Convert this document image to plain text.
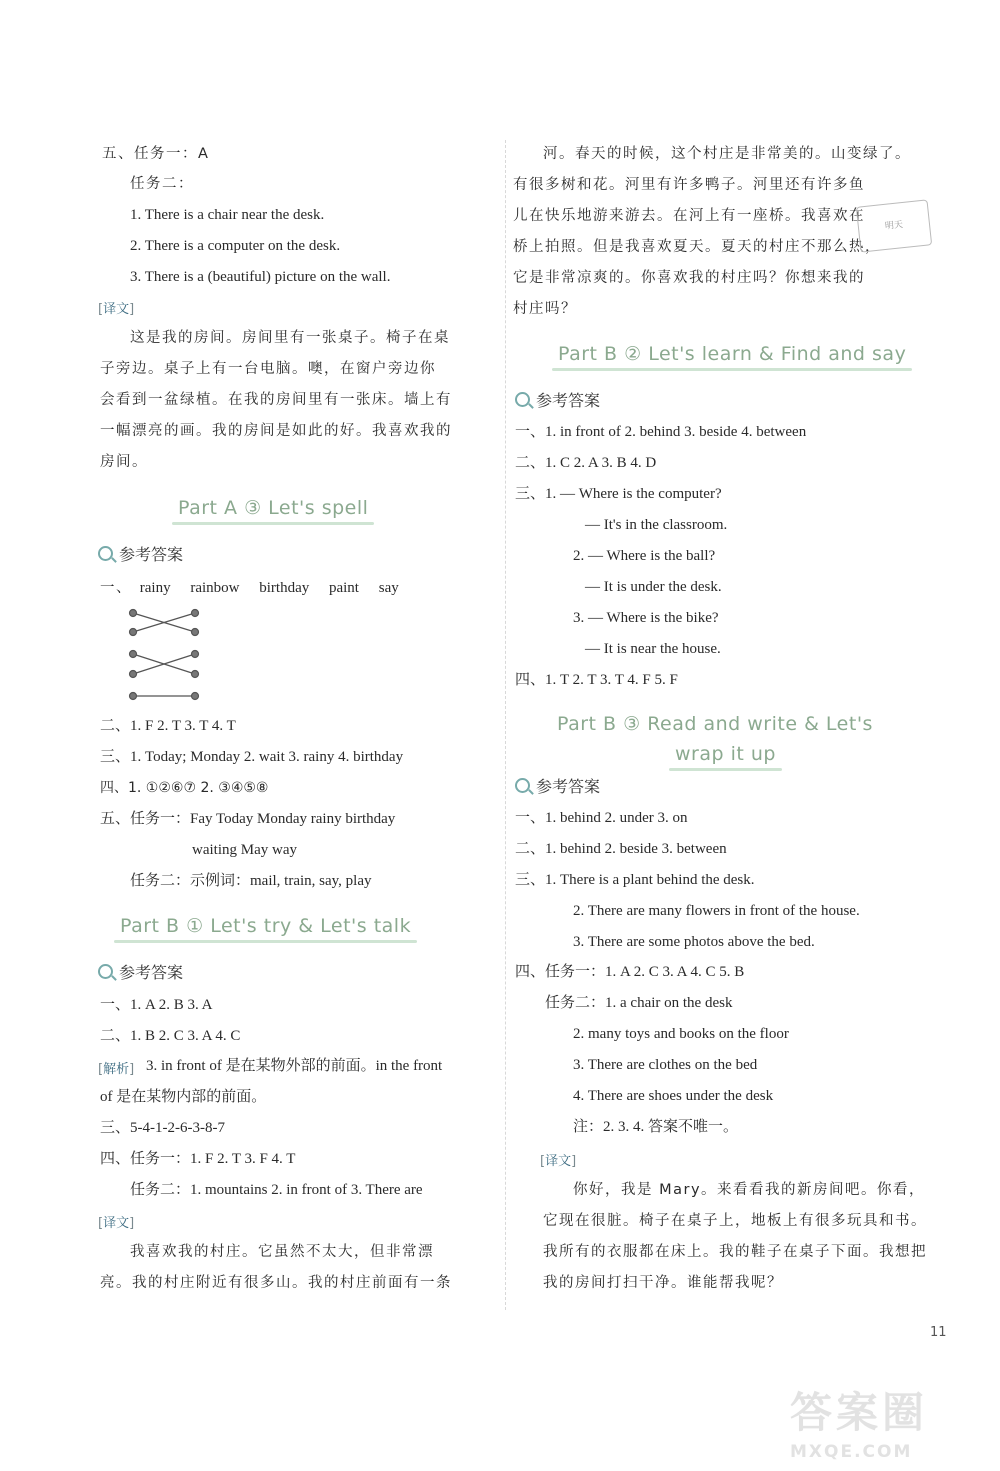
五、任务一：A
任务二：
1. There is a chair near the desk.
2. There is a computer on the desk.
3. There is a (beautiful) picture on the wall.
[译文]
这是我的房间。房间里有一张桌子。椅子在桌
子旁边。桌子上有一台电脑。噢，在窗户旁边你
会看到一盆绿植。在我的房间里有一张床。墙上有
一幅漂亮的画。我的房间是如此的好。我喜欢我的
房间。
Part A ③ Let's spell
参考答案
一、 rainy rainbow birthday paint say
二、1. F 2. T 3. T 4. T
三、1. Today; Monday 2. wait 3. rainy 4. birthday
四、1. ①②⑥⑦ 2. ③④⑤⑧
五、任务一：Fay Today Monday rainy birthday
waiting May way
任务二：示例词：mail, train, say, play
Part B ① Let's try & Let's talk
参考答案
一、1. A 2. B 3. A
二、1. B 2. C 3. A 4. C
[解析] 3. in front of 是在某物外部的前面。in the front
of 是在某物内部的前面。
三、5-4-1-2-6-3-8-7
四、任务一：1. F 2. T 3. F 4. T
任务二：1. mountains 2. in front of 3. There are
[译文]
我喜欢我的村庄。它虽然不太大，但非常漂
亮。我的村庄附近有很多山。我的村庄前面有一条
河。春天的时候，这个村庄是非常美的。山变绿了。
有很多树和花。河里有许多鸭子。河里还有许多鱼
儿在快乐地游来游去。在河上有一座桥。我喜欢在
桥上拍照。但是我喜欢夏天。夏天的村庄不那么热，
它是非常凉爽的。你喜欢我的村庄吗？你想来我的
村庄吗？
Part B ② Let's learn & Find and say
参考答案
一、1. in front of 2. behind 3. beside 4. between
二、1. C 2. A 3. B 4. D
三、1. — Where is the computer?
— It's in the classroom.
2. — Where is the ball?
— It is under the desk.
3. — Where is the bike?
— It is near the house.
四、1. T 2. T 3. T 4. F 5. F
Part B ③ Read and write & Let's
wrap it up
参考答案
一、1. behind 2. under 3. on
二、1. behind 2. beside 3. between
三、1. There is a plant behind the desk.
2. There are many flowers in front of the house.
3. There are some photos above the bed.
四、任务一：1. A 2. C 3. A 4. C 5. B
任务二：1. a chair on the desk
2. many toys and books on the floor
3. There are clothes on the bed
4. There are shoes under the desk
注：2. 3. 4. 答案不唯一。
[译文]
你好，我是 Mary。来看看我的新房间吧。你看，
它现在很脏。椅子在桌子上，地板上有很多玩具和书。
我所有的衣服都在床上。我的鞋子在桌子下面。我想把
我的房间打扫干净。谁能帮我呢？
明天
11
答案圈
MXQE.COM
